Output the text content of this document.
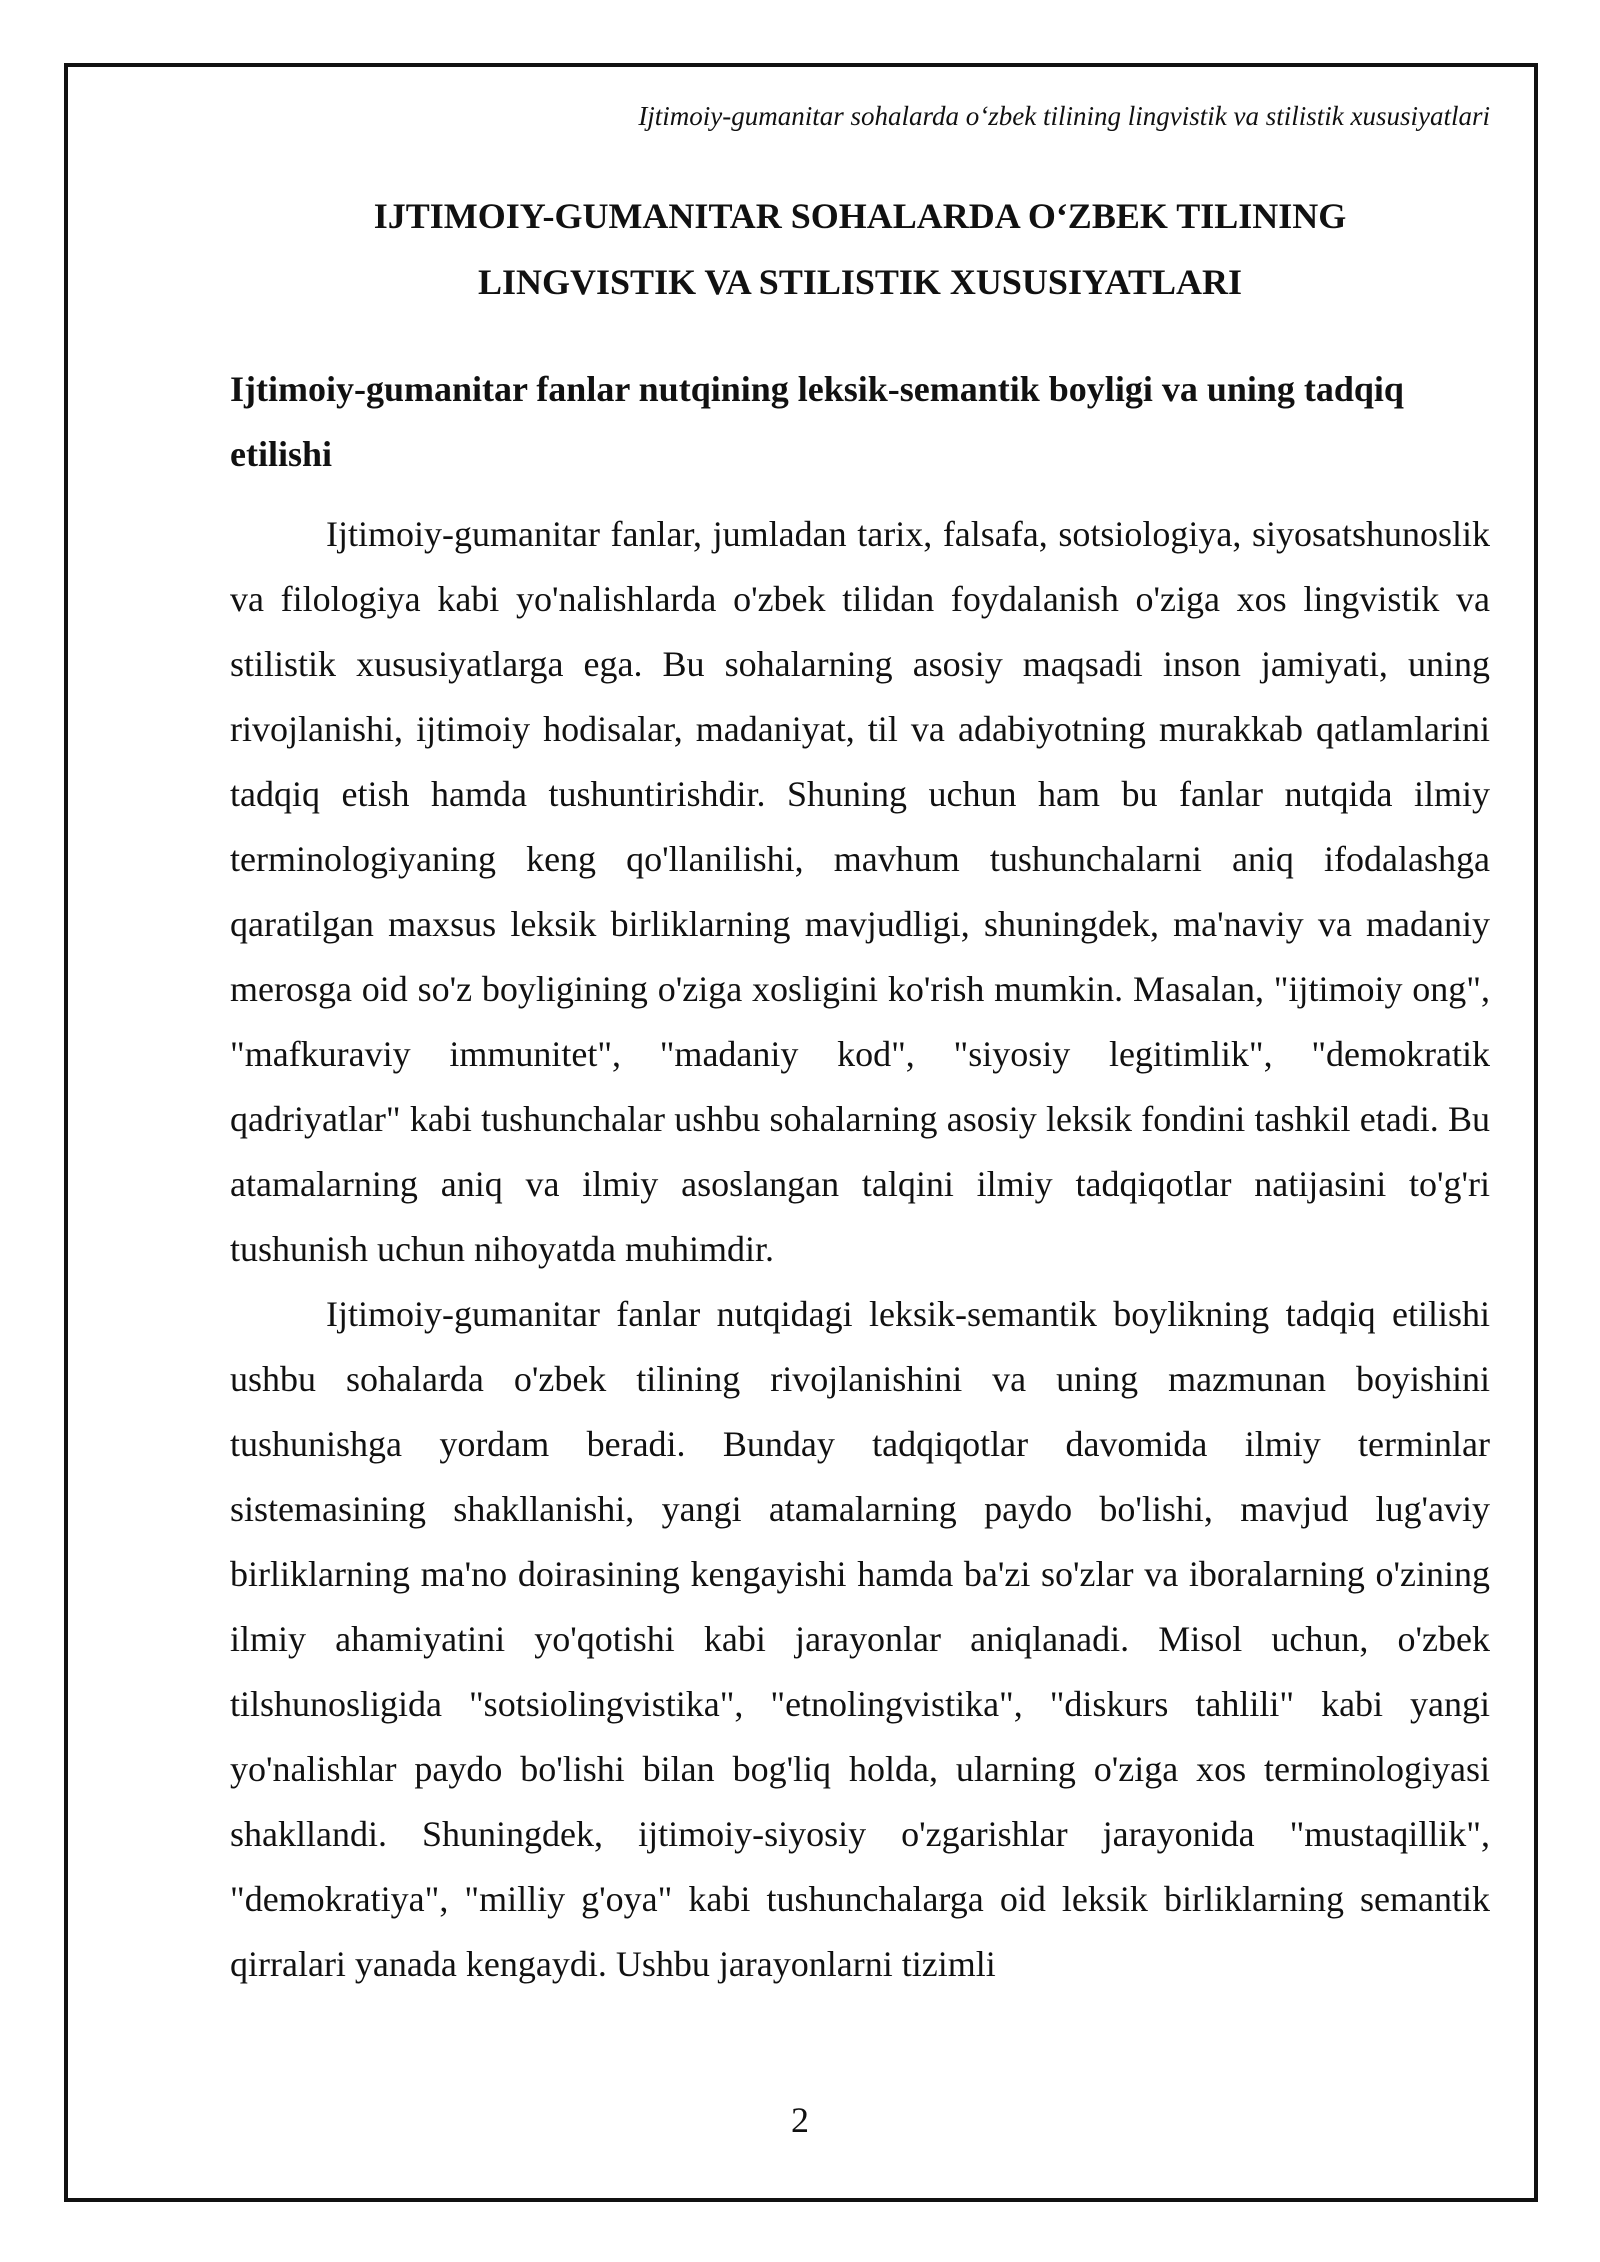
Ijtimoiy-gumanitar sohalarda o‘zbek tilining lingvistik va stilistik xususiyatlari
IJTIMOIY-GUMANITAR SOHALARDA O‘ZBEK TILINING
LINGVISTIK VA STILISTIK XUSUSIYATLARI
Ijtimoiy-gumanitar fanlar nutqining leksik-semantik boyligi va uning tadqiq etilishi

Ijtimoiy-gumanitar fanlar, jumladan tarix, falsafa, sotsiologiya, siyosatshunoslik va filologiya kabi yo'nalishlarda o'zbek tilidan foydalanish o'ziga xos lingvistik va stilistik xususiyatlarga ega. Bu sohalarning asosiy maqsadi inson jamiyati, uning rivojlanishi, ijtimoiy hodisalar, madaniyat, til va adabiyotning murakkab qatlamlarini tadqiq etish hamda tushuntirishdir. Shuning uchun ham bu fanlar nutqida ilmiy terminologiyaning keng qo'llanilishi, mavhum tushunchalarni aniq ifodalashga qaratilgan maxsus leksik birliklarning mavjudligi, shuningdek, ma'naviy va madaniy merosga oid so'z boyligining o'ziga xosligini ko'rish mumkin. Masalan, "ijtimoiy ong", "mafkuraviy immunitet", "madaniy kod", "siyosiy legitimlik", "demokratik qadriyatlar" kabi tushunchalar ushbu sohalarning asosiy leksik fondini tashkil etadi. Bu atamalarning aniq va ilmiy asoslangan talqini ilmiy tadqiqotlar natijasini to'g'ri tushunish uchun nihoyatda muhimdir.

Ijtimoiy-gumanitar fanlar nutqidagi leksik-semantik boylikning tadqiq etilishi ushbu sohalarda o'zbek tilining rivojlanishini va uning mazmunan boyishini tushunishga yordam beradi. Bunday tadqiqotlar davomida ilmiy terminlar sistemasining shakllanishi, yangi atamalarning paydo bo'lishi, mavjud lug'aviy birliklarning ma'no doirasining kengayishi hamda ba'zi so'zlar va iboralarning o'zining ilmiy ahamiyatini yo'qotishi kabi jarayonlar aniqlanadi. Misol uchun, o'zbek tilshunosligida "sotsiolingvistika", "etnolingvistika", "diskurs tahlili" kabi yangi yo'nalishlar paydo bo'lishi bilan bog'liq holda, ularning o'ziga xos terminologiyasi shakllandi. Shuningdek, ijtimoiy-siyosiy o'zgarishlar jarayonida "mustaqillik", "demokratiya", "milliy g'oya" kabi tushunchalarga oid leksik birliklarning semantik qirralari yanada kengaydi. Ushbu jarayonlarni tizimli

2
